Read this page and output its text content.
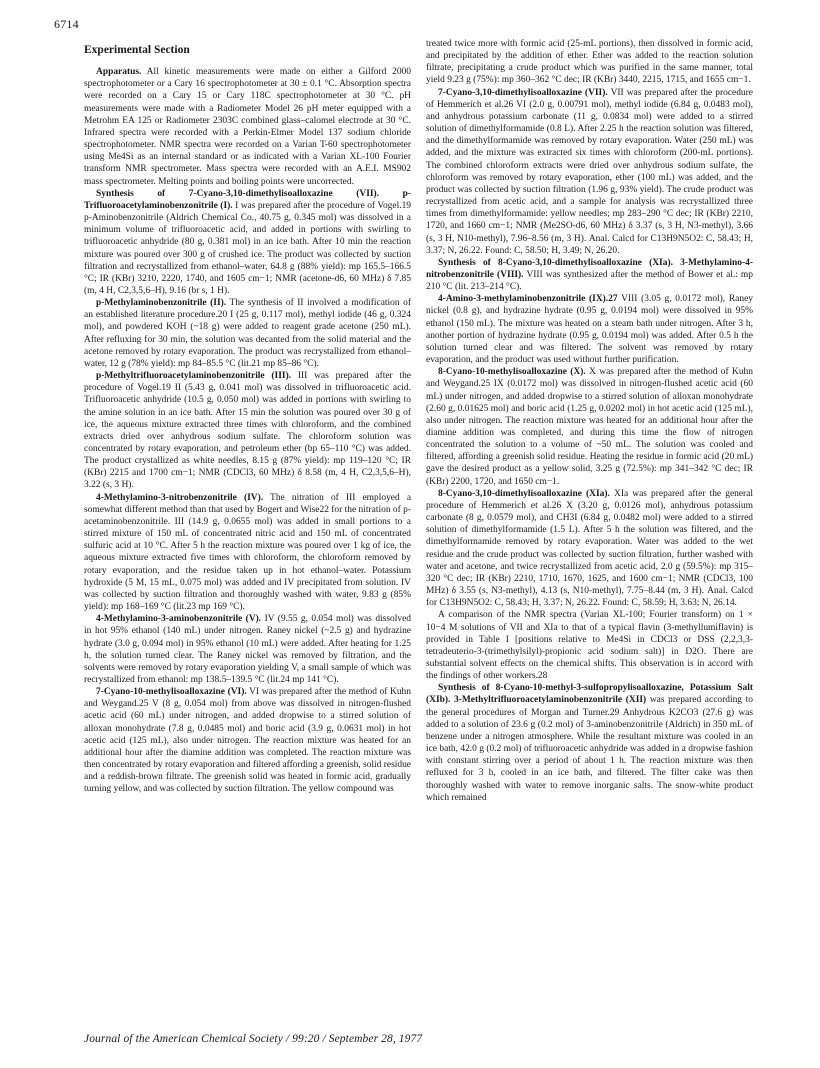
6714
Experimental Section

Apparatus. All kinetic measurements were made on either a Gilford 2000 spectrophotometer or a Cary 16 spectrophotometer at 30 ± 0.1 °C. Absorption spectra were recorded on a Cary 15 or Cary 118C spectrophotometer at 30 °C. pH measurements were made with a Radiometer Model 26 pH meter equipped with a Metrohm EA 125 or Radiometer 2303C combined glass–calomel electrode at 30 °C. Infrared spectra were recorded with a Perkin-Elmer Model 137 sodium chloride spectrophotometer. NMR spectra were recorded on a Varian T-60 spectrophotometer using Me4Si as an internal standard or as indicated with a Varian XL-100 Fourier transform NMR spectrometer. Mass spectra were recorded with an A.E.I. MS902 mass spectrometer. Melting points and boiling points were uncorrected.

Synthesis of 7-Cyano-3,10-dimethylisoalloxazine (VII). p-Trifluoroacetylaminobenzonitrile (I). I was prepared after the procedure of Vogel.19 p-Aminobenzonitrile (Aldrich Chemical Co., 40.75 g, 0.345 mol) was dissolved in a minimum volume of trifluoroacetic acid, and added in portions with swirling to trifluoroacetic anhydride (80 g, 0.381 mol) in an ice bath. After 10 min the reaction mixture was poured over 300 g of crushed ice. The product was collected by suction filtration and recrystallized from ethanol–water, 64.8 g (88% yield): mp 165.5–166.5 °C; IR (KBr) 3210, 2220, 1740, and 1605 cm−1; NMR (acetone-d6, 60 MHz) δ 7.85 (m, 4 H, C2,3,5,6–H), 9.16 (br s, 1 H).

p-Methylaminobenzonitrile (II). The synthesis of II involved a modification of an established literature procedure.20 I (25 g, 0.117 mol), methyl iodide (46 g, 0.324 mol), and powdered KOH (~18 g) were added to reagent grade acetone (250 mL). After refluxing for 30 min, the solution was decanted from the solid material and the acetone removed by rotary evaporation. The product was recrystallized from ethanol–water, 12 g (78% yield): mp 84–85.5 °C (lit.21 mp 85–86 °C).

p-Methyltrifluoroacetylaminobenzonitrile (III). III was prepared after the procedure of Vogel.19 II (5.43 g, 0.041 mol) was dissolved in trifluoroacetic acid. Trifluoroacetic anhydride (10.5 g, 0.050 mol) was added in portions with swirling to the amine solution in an ice bath. After 15 min the solution was poured over 30 g of ice, the aqueous mixture extracted three times with chloroform, and the combined extracts dried over anhydrous sodium sulfate. The chloroform solution was concentrated by rotary evaporation, and petroleum ether (bp 65–110 °C) was added. The product crystallized as white needles, 8.15 g (87% yield): mp 119–120 °C; IR (KBr) 2215 and 1700 cm−1; NMR (CDCl3, 60 MHz) δ 8.58 (m, 4 H, C2,3,5,6–H), 3.22 (s, 3 H).

4-Methylamino-3-nitrobenzonitrile (IV). The nitration of III employed a somewhat different method than that used by Bogert and Wise22 for the nitration of p-acetaminobenzonitrile. III (14.9 g, 0.0655 mol) was added in small portions to a stirred mixture of 150 mL of concentrated nitric acid and 150 mL of concentrated sulfuric acid at 10 °C. After 5 h the reaction mixture was poured over 1 kg of ice, the aqueous mixture extracted five times with chloroform, the chloroform removed by rotary evaporation, and the residue taken up in hot ethanol–water. Potassium hydroxide (5 M, 15 mL, 0.075 mol) was added and IV precipitated from solution. IV was collected by suction filtration and thoroughly washed with water, 9.83 g (85% yield): mp 168–169 °C (lit.23 mp 169 °C).

4-Methylamino-3-aminobenzonitrile (V). IV (9.55 g, 0.054 mol) was dissolved in hot 95% ethanol (140 mL) under nitrogen. Raney nickel (~2.5 g) and hydrazine hydrate (3.0 g, 0.094 mol) in 95% ethanol (10 mL) were added. After heating for 1.25 h, the solution turned clear. The Raney nickel was removed by filtration, and the solvents were removed by rotary evaporation yielding V, a small sample of which was recrystallized from ethanol: mp 138.5–139.5 °C (lit.24 mp 141 °C).

7-Cyano-10-methylisoalloxazine (VI). VI was prepared after the method of Kuhn and Weygand.25 V (8 g, 0.054 mol) from above was dissolved in nitrogen-flushed acetic acid (60 mL) under nitrogen, and added dropwise to a stirred solution of alloxan monohydrate (7.8 g, 0.0485 mol) and boric acid (3.9 g, 0.0631 mol) in hot acetic acid (125 mL), also under nitrogen. The reaction mixture was heated for an additional hour after the diamine addition was completed. The reaction mixture was then concentrated by rotary evaporation and filtered affording a greenish, solid residue and a reddish-brown filtrate. The greenish solid was heated in formic acid, gradually turning yellow, and was collected by suction filtration. The yellow compound was

treated twice more with formic acid (25-mL portions), then dissolved in formic acid, and precipitated by the addition of ether. Ether was added to the reaction solution filtrate, precipitating a crude product which was purified in the same manner, total yield 9.23 g (75%): mp 360–362 °C dec; IR (KBr) 3440, 2215, 1715, and 1655 cm−1.

7-Cyano-3,10-dimethylisoalloxazine (VII). VII was prepared after the procedure of Hemmerich et al.26 VI (2.0 g, 0.00791 mol), methyl iodide (6.84 g, 0.0483 mol), and anhydrous potassium carbonate (11 g, 0.0834 mol) were added to a stirred solution of dimethylformamide (0.8 L). After 2.25 h the reaction solution was filtered, and the dimethylformamide was removed by rotary evaporation. Water (250 mL) was added, and the mixture was extracted six times with chloroform (200-mL portions). The combined chloroform extracts were dried over anhydrous sodium sulfate, the chloroform was removed by rotary evaporation, ether (100 mL) was added, and the product was collected by suction filtration (1.96 g, 93% yield). The crude product was recrystallized from acetic acid, and a sample for analysis was recrystallized three times from dimethylformamide: yellow needles; mp 283–290 °C dec; IR (KBr) 2210, 1720, and 1660 cm−1; NMR (Me2SO-d6, 60 MHz) δ 3.37 (s, 3 H, N3-methyl), 3.66 (s, 3 H, N10-methyl), 7.96–8.56 (m, 3 H). Anal. Calcd for C13H9N5O2: C, 58.43; H, 3.37; N, 26.22. Found: C, 58.50; H, 3.49; N, 26.20.

Synthesis of 8-Cyano-3,10-dimethylisoalloxazine (XIa). 3-Methylamino-4-nitrobenzonitrile (VIII). VIII was synthesized after the method of Bower et al.: mp 210 °C (lit. 213–214 °C).

4-Amino-3-methylaminobenzonitrile (IX).27 VIII (3.05 g, 0.0172 mol), Raney nickel (0.8 g), and hydrazine hydrate (0.95 g, 0.0194 mol) were dissolved in 95% ethanol (150 mL). The mixture was heated on a steam bath under nitrogen. After 3 h, another portion of hydrazine hydrate (0.95 g, 0.0194 mol) was added. After 0.5 h the solution turned clear and was filtered. The solvent was removed by rotary evaporation, and the product was used without further purification.

8-Cyano-10-methylisoalloxazine (X). X was prepared after the method of Kuhn and Weygand.25 IX (0.0172 mol) was dissolved in nitrogen-flushed acetic acid (60 mL) under nitrogen, and added dropwise to a stirred solution of alloxan monohydrate (2.60 g, 0.01625 mol) and boric acid (1.25 g, 0.0202 mol) in hot acetic acid (125 mL), also under nitrogen. The reaction mixture was heated for an additional hour after the diamine addition was completed, and during this time the flow of nitrogen concentrated the solution to a volume of ~50 mL. The solution was cooled and filtered, affording a greenish solid residue. Heating the residue in formic acid (20 mL) gave the desired product as a yellow solid, 3.25 g (72.5%): mp 341–342 °C dec; IR (KBr) 2200, 1720, and 1650 cm−1.

8-Cyano-3,10-dimethylisoalloxazine (XIa). XIa was prepared after the general procedure of Hemmerich et al.26 X (3.20 g, 0.0126 mol), anhydrous potassium carbonate (8 g, 0.0579 mol), and CH3I (6.84 g, 0.0482 mol) were added to a stirred solution of dimethylformamide (1.5 L). After 5 h the solution was filtered, and the dimethylformamide removed by rotary evaporation. Water was added to the wet residue and the crude product was collected by suction filtration, further washed with water and acetone, and twice recrystallized from acetic acid, 2.0 g (59.5%): mp 315–320 °C dec; IR (KBr) 2210, 1710, 1670, 1625, and 1600 cm−1; NMR (CDCl3, 100 MHz) δ 3.55 (s, N3-methyl), 4.13 (s, N10-methyl), 7.75–8.44 (m, 3 H). Anal. Calcd for C13H9N5O2: C, 58.43; H, 3.37; N, 26.22. Found: C, 58.59; H, 3.63; N, 26.14.

A comparison of the NMR spectra (Varian XL-100; Fourier transform) on 1 × 10−4 M solutions of VII and XIa to that of a typical flavin (3-methyllumiflavin) is provided in Table I [positions relative to Me4Si in CDCl3 or DSS (2,2,3,3-tetradeuterio-3-(trimethylsilyl)-propionic acid sodium salt)] in D2O. There are substantial solvent effects on the chemical shifts. This observation is in accord with the findings of other workers.28

Synthesis of 8-Cyano-10-methyl-3-sulfopropylisoalloxazine, Potassium Salt (XIb). 3-Methyltrifluoroacetylaminobenzonitrile (XII) was prepared according to the general procedures of Morgan and Turner.29 Anhydrous K2CO3 (27.6 g) was added to a solution of 23.6 g (0.2 mol) of 3-aminobenzonitrile (Aldrich) in 350 mL of benzene under a nitrogen atmosphere. While the resultant mixture was cooled in an ice bath, 42.0 g (0.2 mol) of trifluoroacetic anhydride was added in a dropwise fashion with constant stirring over a period of about 1 h. The reaction mixture was then refluxed for 3 h, cooled in an ice bath, and filtered. The filter cake was then thoroughly washed with water to remove inorganic salts. The snow-white product which remained

Journal of the American Chemical Society / 99:20 / September 28, 1977
